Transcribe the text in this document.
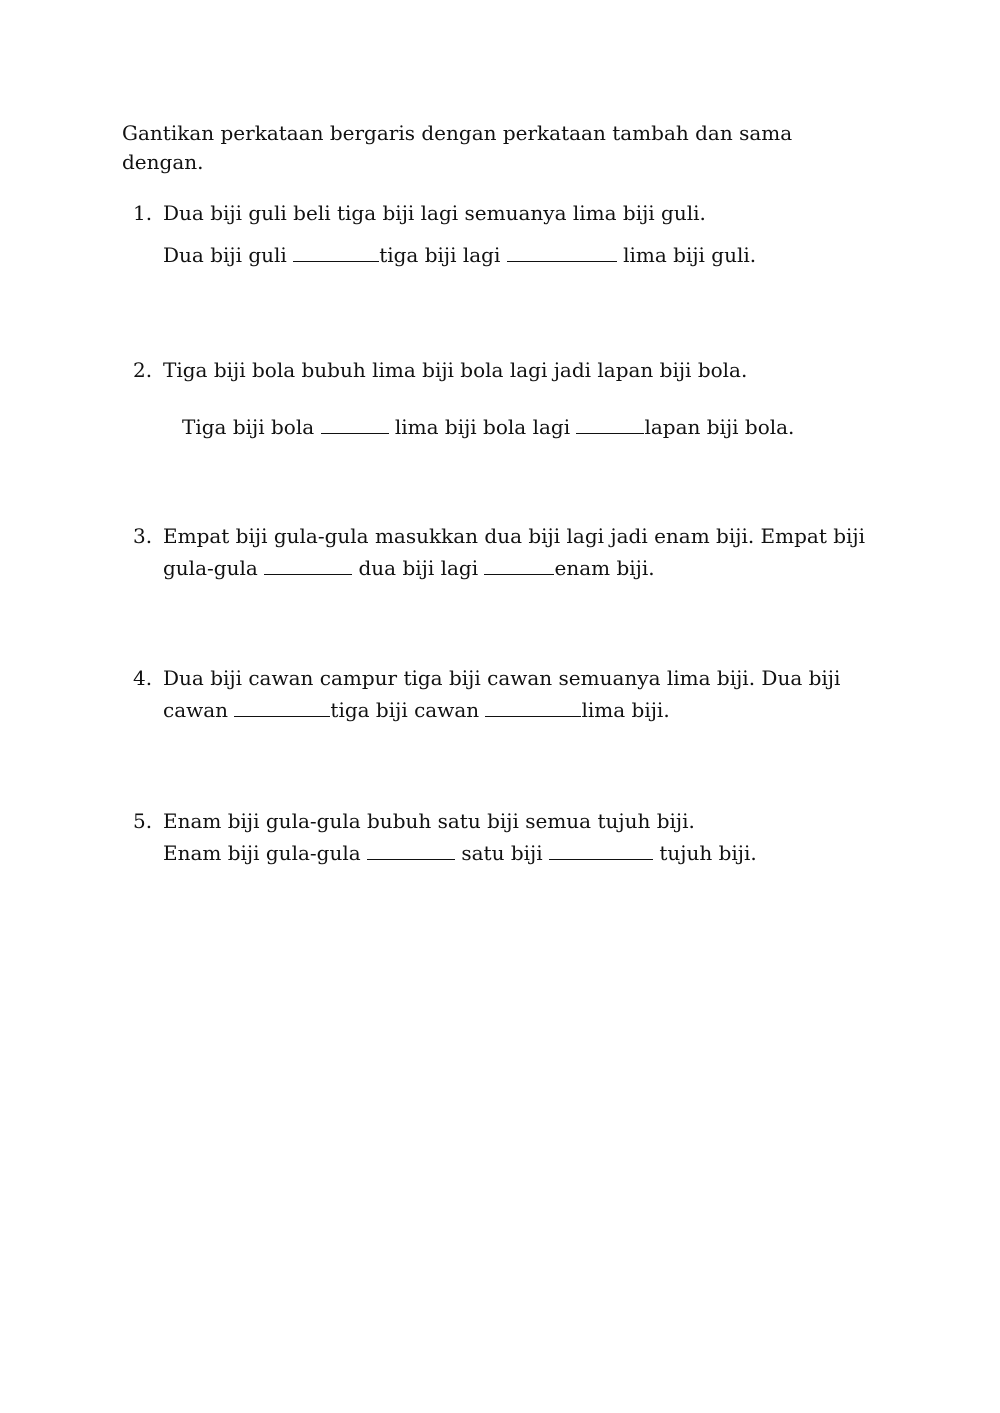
Gantikan perkataan bergaris dengan perkataan tambah dan sama dengan.

1. Dua biji guli beli tiga biji lagi semuanya lima biji guli.
Dua biji guli	tiga biji lagi	lima biji guli.
2. Tiga biji bola bubuh lima biji bola lagi jadi lapan biji bola.
Tiga biji bola	lima biji bola lagi	lapan biji bola.
3. Empat biji gula-gula masukkan dua biji lagi jadi enam biji. Empat biji
gula-gula	dua biji lagi	enam biji.
4. Dua biji cawan campur tiga biji cawan semuanya lima biji. Dua biji
cawan	tiga biji cawan	lima biji.
5. Enam biji gula-gula bubuh satu biji semua tujuh biji.
Enam biji gula-gula	satu biji	tujuh biji.
